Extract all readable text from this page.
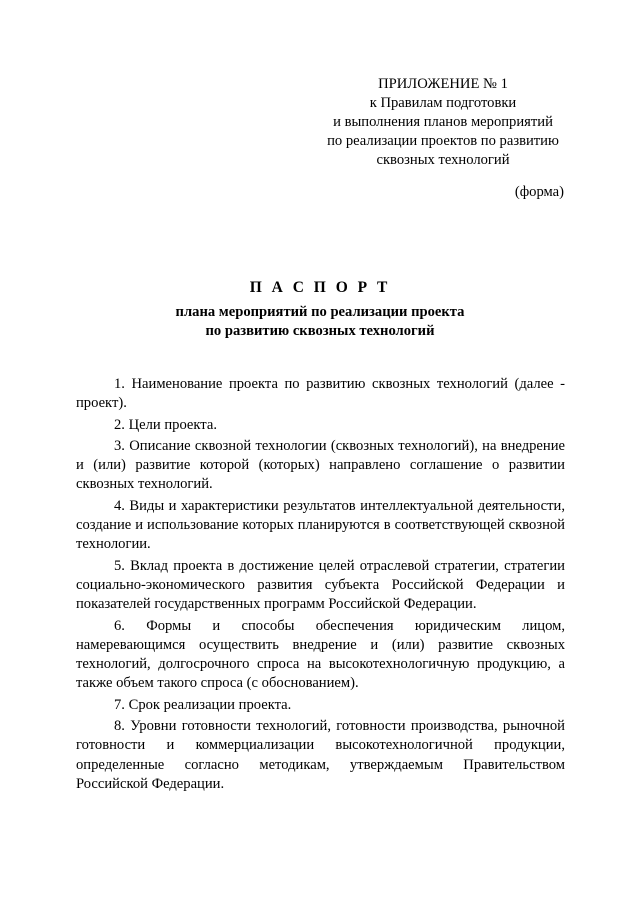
ПРИЛОЖЕНИЕ № 1
к Правилам подготовки
и выполнения планов мероприятий
по реализации проектов по развитию
сквозных технологий
(форма)
П А С П О Р Т
плана мероприятий по реализации проекта
по развитию сквозных технологий

1. Наименование проекта по развитию сквозных технологий (далее - проект).

2. Цели проекта.

3. Описание сквозной технологии (сквозных технологий), на внедрение и (или) развитие которой (которых) направлено соглашение о развитии сквозных технологий.

4. Виды и характеристики результатов интеллектуальной деятельности, создание и использование которых планируются в соответствующей сквозной технологии.

5. Вклад проекта в достижение целей отраслевой стратегии, стратегии социально-экономического развития субъекта Российской Федерации и показателей государственных программ Российской Федерации.

6. Формы и способы обеспечения юридическим лицом, намеревающимся осуществить внедрение и (или) развитие сквозных технологий, долгосрочного спроса на высокотехнологичную продукцию, а также объем такого спроса (с обоснованием).

7. Срок реализации проекта.

8. Уровни готовности технологий, готовности производства, рыночной готовности и коммерциализации высокотехнологичной продукции, определенные согласно методикам, утверждаемым Правительством Российской Федерации.
